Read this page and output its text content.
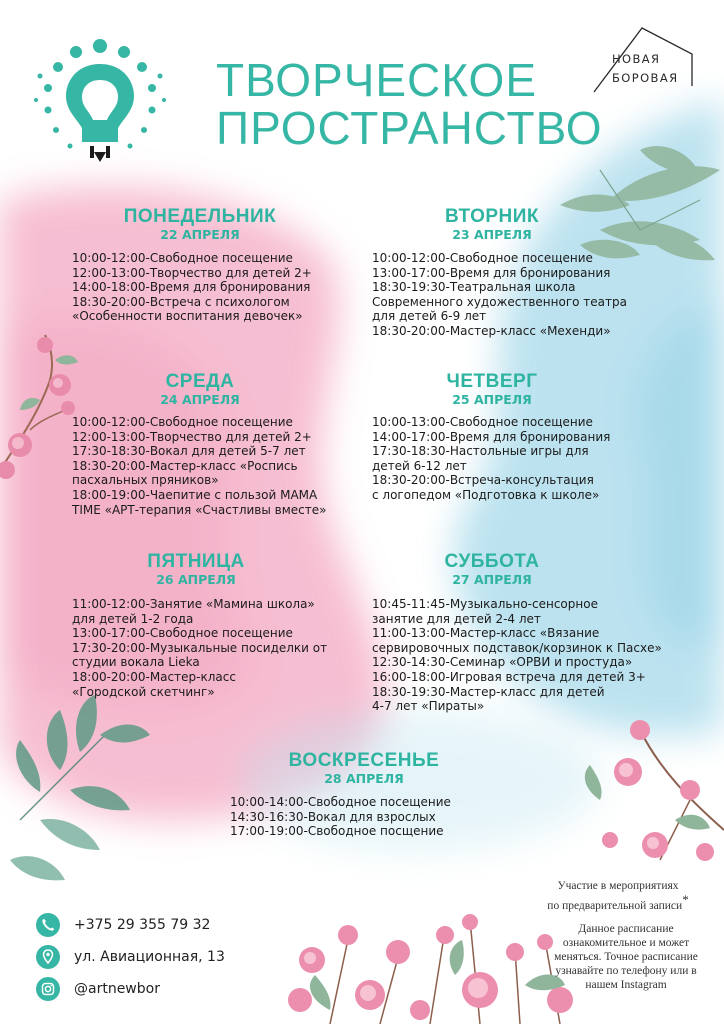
ТВОРЧЕСКОЕ
ПРОСТРАНСТВО
НОВАЯ
БОРОВАЯ
ПОНЕДЕЛЬНИК
22 АПРЕЛЯ
10:00-12:00-Свободное посещение
12:00-13:00-Творчество для детей 2+
14:00-18:00-Время для бронирования
18:30-20:00-Встреча с психологом
«Особенности воспитания девочек»
ВТОРНИК
23 АПРЕЛЯ
10:00-12:00-Свободное посещение
13:00-17:00-Время для бронирования
18:30-19:30-Театральная школа
Современного художественного театра
для детей 6-9 лет
18:30-20:00-Мастер-класс «Мехенди»
СРЕДА
24 АПРЕЛЯ
10:00-12:00-Свободное посещение
12:00-13:00-Творчество для детей 2+
17:30-18:30-Вокал для детей 5-7 лет
18:30-20:00-Мастер-класс «Роспись
пасхальных пряников»
18:00-19:00-Чаепитие с пользой МАМА
TIME «АРТ-терапия «Счастливы вместе»
ЧЕТВЕРГ
25 АПРЕЛЯ
10:00-13:00-Свободное посещение
14:00-17:00-Время для бронирования
17:30-18:30-Настольные игры для
детей 6-12 лет
18:30-20:00-Встреча-консультация
с логопедом «Подготовка к школе»
ПЯТНИЦА
26 АПРЕЛЯ
11:00-12:00-Занятие «Мамина школа»
для детей 1-2 года
13:00-17:00-Свободное посещение
17:30-20:00-Музыкальные посиделки от
студии вокала Lieka
18:00-20:00-Мастер-класс
«Городской скетчинг»
СУББОТА
27 АПРЕЛЯ
10:45-11:45-Музыкально-сенсорное
занятие для детей 2-4 лет
11:00-13:00-Мастер-класс «Вязание
сервировочных подставок/корзинок к Пасхе»
12:30-14:30-Семинар «ОРВИ и простуда»
16:00-18:00-Игровая встреча для детей 3+
18:30-19:30-Мастер-класс для детей
4-7 лет «Пираты»
ВОСКРЕСЕНЬЕ
28 АПРЕЛЯ
10:00-14:00-Свободное посещение
14:30-16:30-Вокал для взрослых
17:00-19:00-Свободное посщение
+375 29 355 79 32
ул. Авиационная, 13
@artnewbor
Участие в мероприятиях
по предварительной записи*
Данное расписание
ознакомительное и может
меняться. Точное расписание
узнавайте по телефону или в
нашем Instagram
